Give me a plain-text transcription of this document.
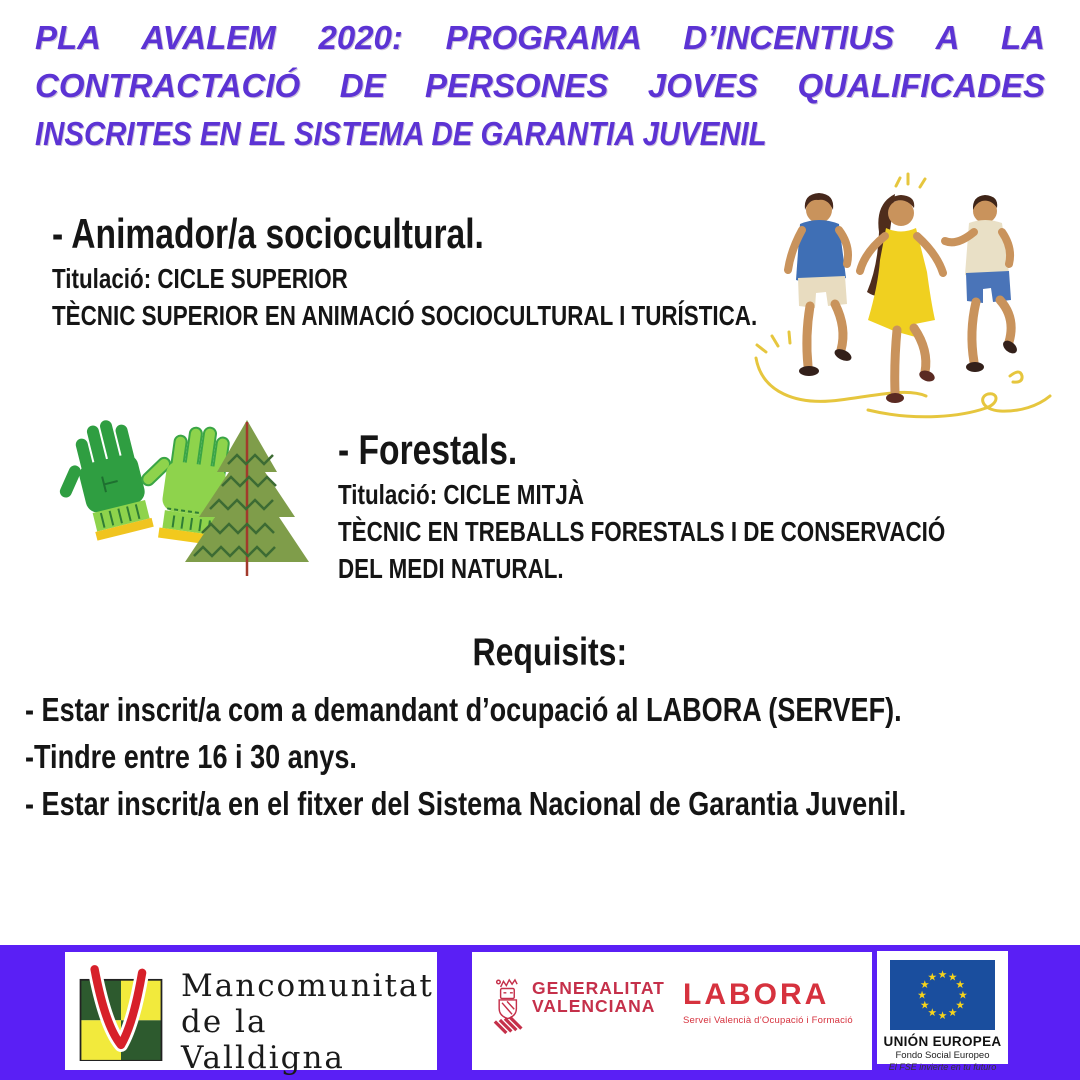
PLA AVALEM 2020: PROGRAMA D’INCENTIUS A LA
CONTRACTACIÓ DE PERSONES JOVES QUALIFICADES
INSCRITES EN EL SISTEMA DE GARANTIA JUVENIL
- Animador/a sociocultural.

Titulació: CICLE SUPERIOR

TÈCNIC SUPERIOR EN ANIMACIÓ SOCIOCULTURAL I TURÍSTICA.

- Forestals.

Titulació: CICLE MITJÀ

TÈCNIC EN TREBALLS FORESTALS I DE CONSERVACIÓ

DEL MEDI NATURAL.

Requisits:
- Estar inscrit/a com a demandant d’ocupació al LABORA (SERVEF).
-Tindre entre 16 i 30 anys.
- Estar inscrit/a en el fitxer del Sistema Nacional de Garantia Juvenil.
Mancomunitat
de la
Valldigna
GENERALITAT
VALENCIANA LABORA
Servei Valencià d’Ocupació i Formació
★
★
★
★
★
★
★
★
★ ★ ★
★
UNIÓN EUROPEA
Fondo Social Europeo
El FSE invierte en tu futuro
